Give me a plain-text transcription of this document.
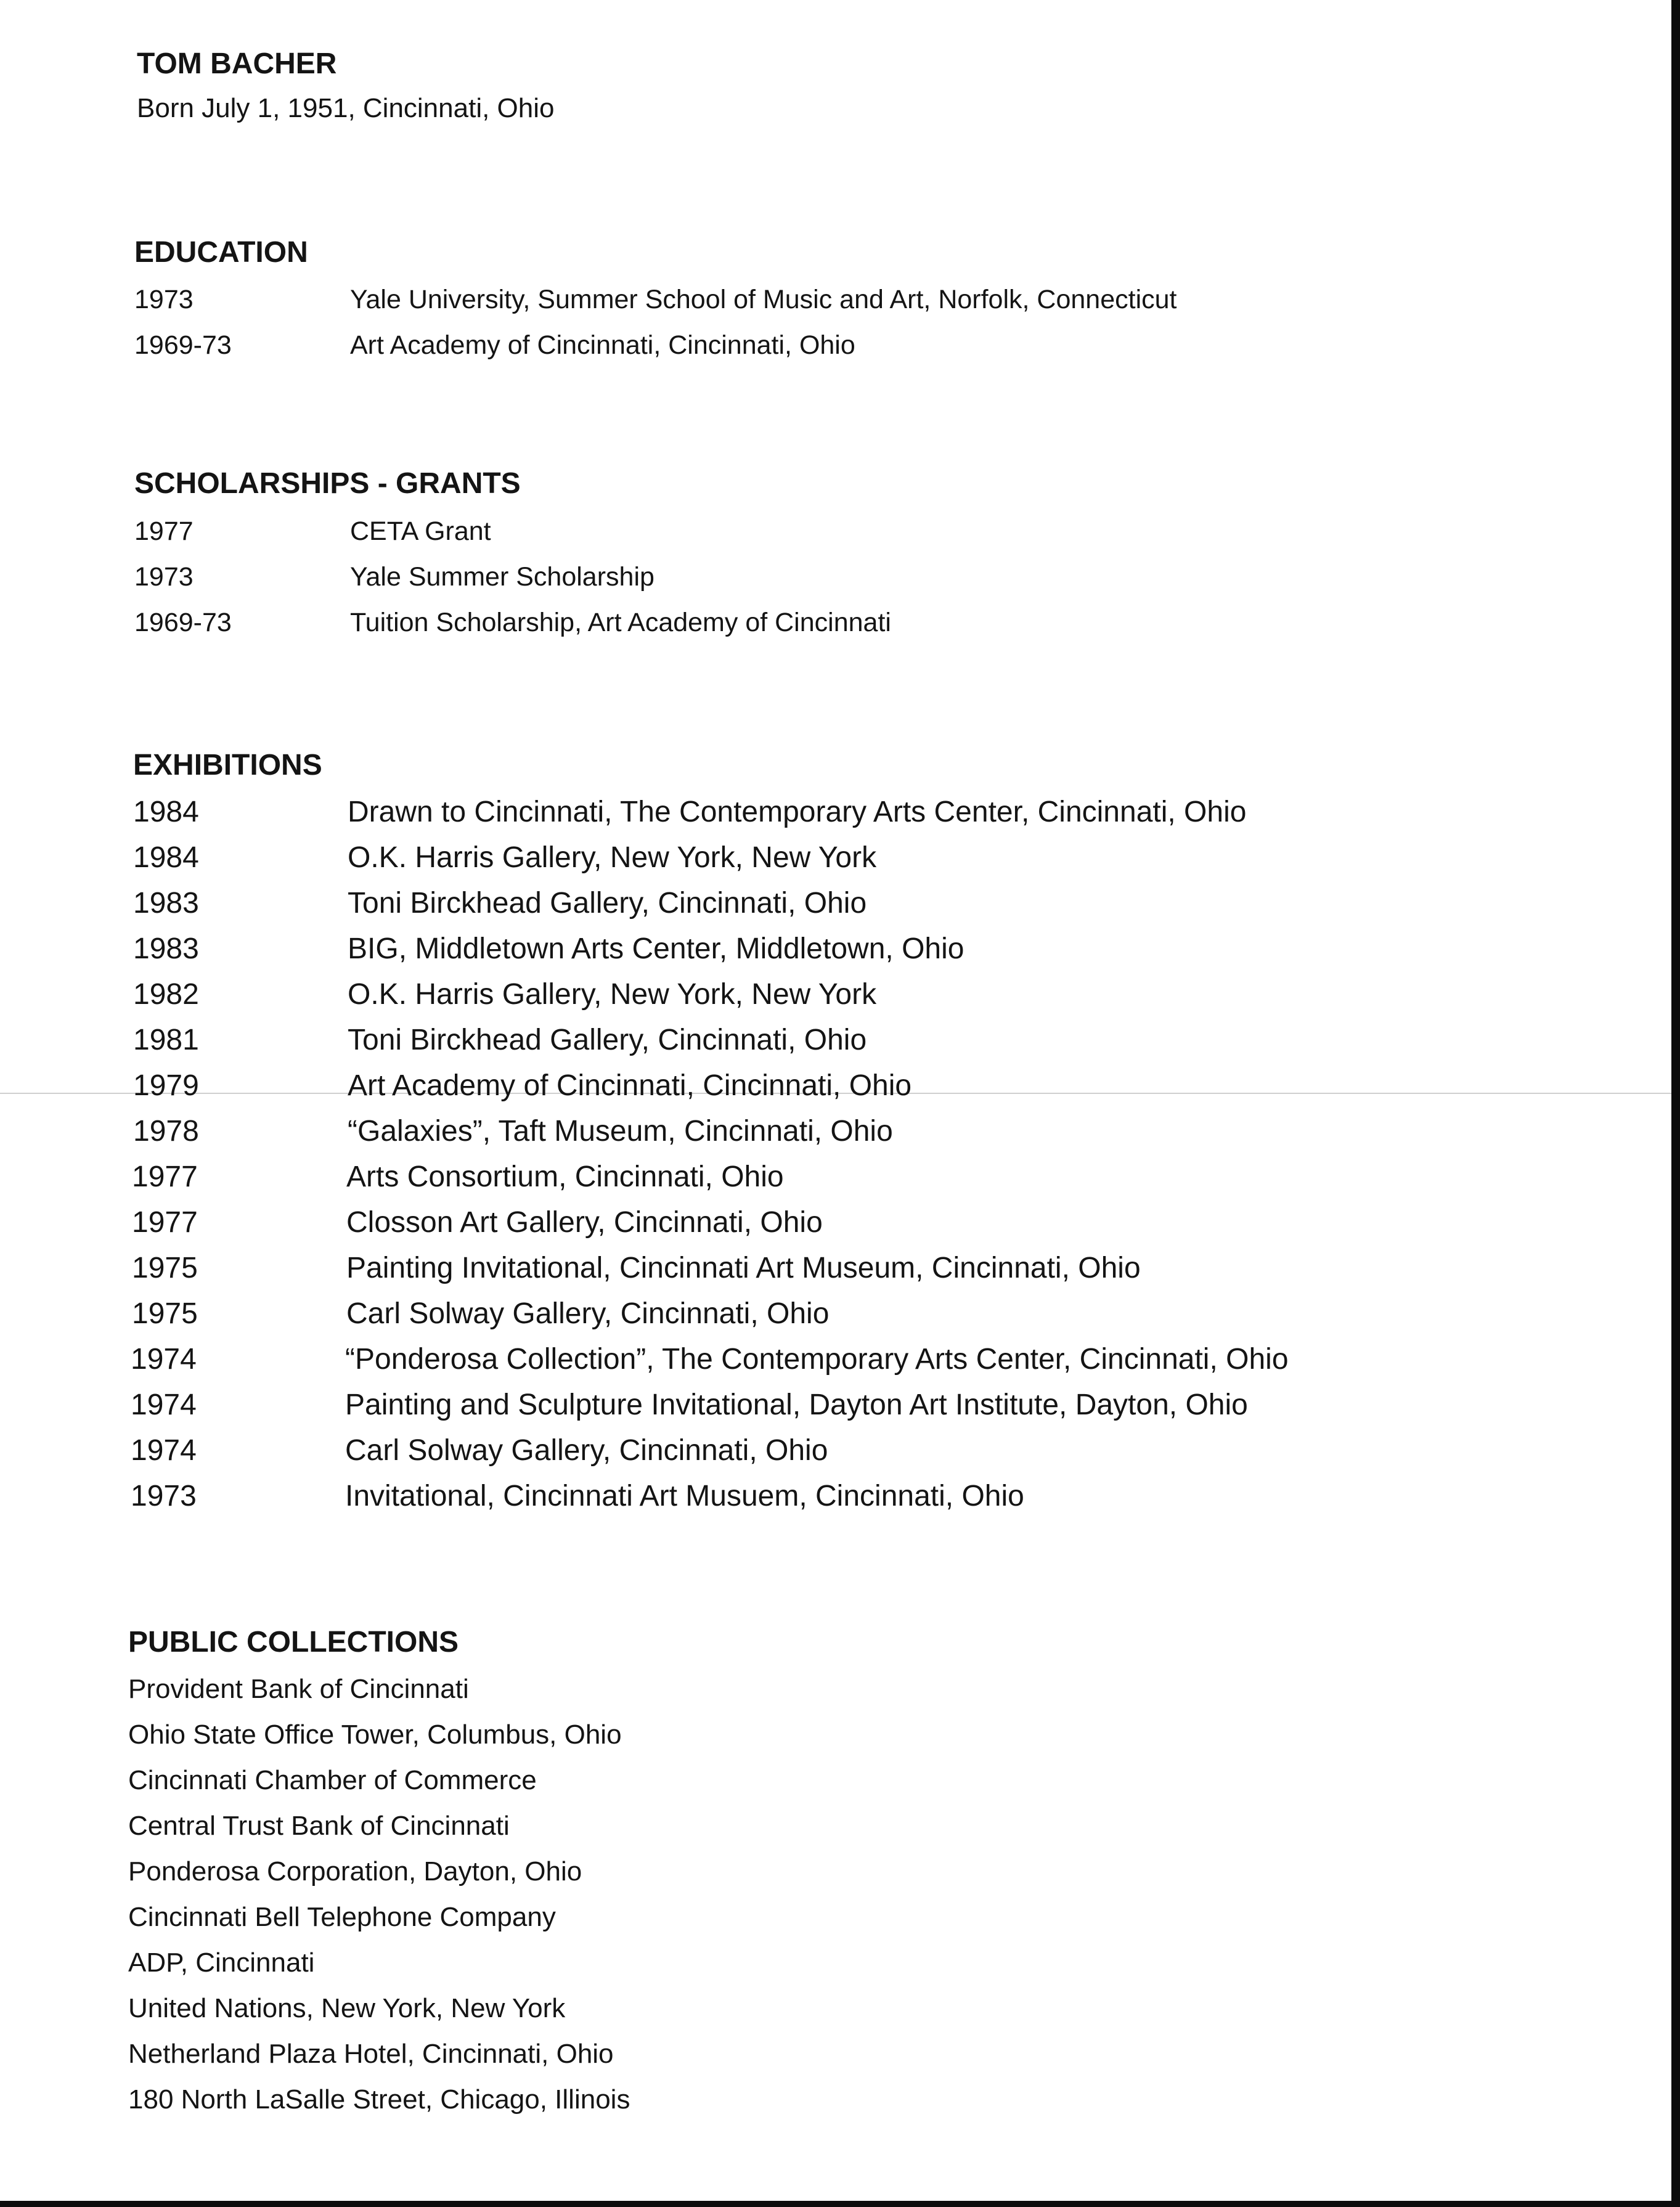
TOM BACHER

Born July 1, 1951, Cincinnati, Ohio

EDUCATION
1973	Yale University, Summer School of Music and Art, Norfolk, Connecticut
1969-73	Art Academy of Cincinnati, Cincinnati, Ohio
SCHOLARSHIPS - GRANTS
1977	CETA Grant
1973	Yale Summer Scholarship
1969-73	Tuition Scholarship, Art Academy of Cincinnati
EXHIBITIONS
1984	Drawn to Cincinnati, The Contemporary Arts Center, Cincinnati, Ohio
1984	O.K. Harris Gallery, New York, New York
1983	Toni Birckhead Gallery, Cincinnati, Ohio
1983	BIG, Middletown Arts Center, Middletown, Ohio
1982	O.K. Harris Gallery, New York, New York
1981	Toni Birckhead Gallery, Cincinnati, Ohio
1979	Art Academy of Cincinnati, Cincinnati, Ohio
1978	“Galaxies”, Taft Museum, Cincinnati, Ohio
1977	Arts Consortium, Cincinnati, Ohio
1977	Closson Art Gallery, Cincinnati, Ohio
1975	Painting Invitational, Cincinnati Art Museum, Cincinnati, Ohio
1975	Carl Solway Gallery, Cincinnati, Ohio
1974	“Ponderosa Collection”, The Contemporary Arts Center, Cincinnati, Ohio
1974	Painting and Sculpture Invitational, Dayton Art Institute, Dayton, Ohio
1974	Carl Solway Gallery, Cincinnati, Ohio
1973	Invitational, Cincinnati Art Musuem, Cincinnati, Ohio
PUBLIC COLLECTIONS
Provident Bank of Cincinnati
Ohio State Office Tower, Columbus, Ohio
Cincinnati Chamber of Commerce
Central Trust Bank of Cincinnati
Ponderosa Corporation, Dayton, Ohio
Cincinnati Bell Telephone Company
ADP, Cincinnati
United Nations, New York, New York
Netherland Plaza Hotel, Cincinnati, Ohio
180 North LaSalle Street, Chicago, Illinois
